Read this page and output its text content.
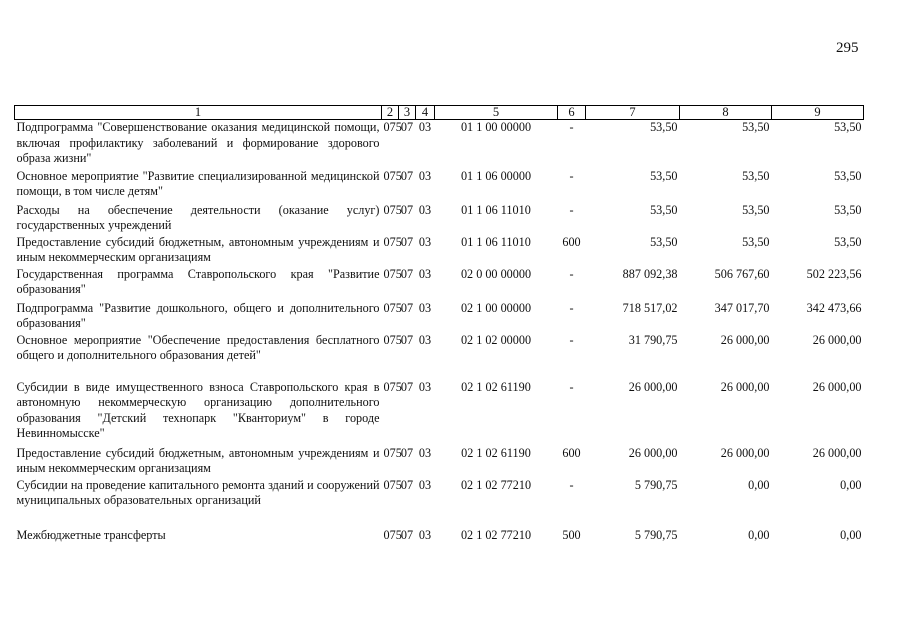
295
1	2	3	4	5	6	7	8	9
Подпрограмма "Совершенствование оказания медицинской помощи, включая профилактику заболеваний и формирование здорового образа жизни"	075	07	03	01 1 00 00000	-	53,50	53,50	53,50
Основное мероприятие "Развитие специализированной медицинской помощи, в том числе детям"	075	07	03	01 1 06 00000	-	53,50	53,50	53,50
Расходы на обеспечение деятельности (оказание услуг) государственных учреждений	075	07	03	01 1 06 11010	-	53,50	53,50	53,50
Предоставление субсидий бюджетным, автономным учреждениям и иным некоммерческим организациям	075	07	03	01 1 06 11010	600	53,50	53,50	53,50
Государственная программа Ставропольского края "Развитие образования"	075	07	03	02 0 00 00000	-	887 092,38	506 767,60	502 223,56
Подпрограмма "Развитие дошкольного, общего и дополнительного образования"	075	07	03	02 1 00 00000	-	718 517,02	347 017,70	342 473,66
Основное мероприятие "Обеспечение предоставления бесплатного общего и дополнительного образования детей"	075	07	03	02 1 02 00000	-	31 790,75	26 000,00	26 000,00
Субсидии в виде имущественного взноса Ставропольского края в автономную некоммерческую организацию дополнительного образования "Детский технопарк "Кванториум" в городе Невинномысске"	075	07	03	02 1 02 61190	-	26 000,00	26 000,00	26 000,00
Предоставление субсидий бюджетным, автономным учреждениям и иным некоммерческим организациям	075	07	03	02 1 02 61190	600	26 000,00	26 000,00	26 000,00
Субсидии на проведение капитального ремонта зданий и сооружений муниципальных образовательных организаций	075	07	03	02 1 02 77210	-	5 790,75	0,00	0,00
Межбюджетные трансферты	075	07	03	02 1 02 77210	500	5 790,75	0,00	0,00
